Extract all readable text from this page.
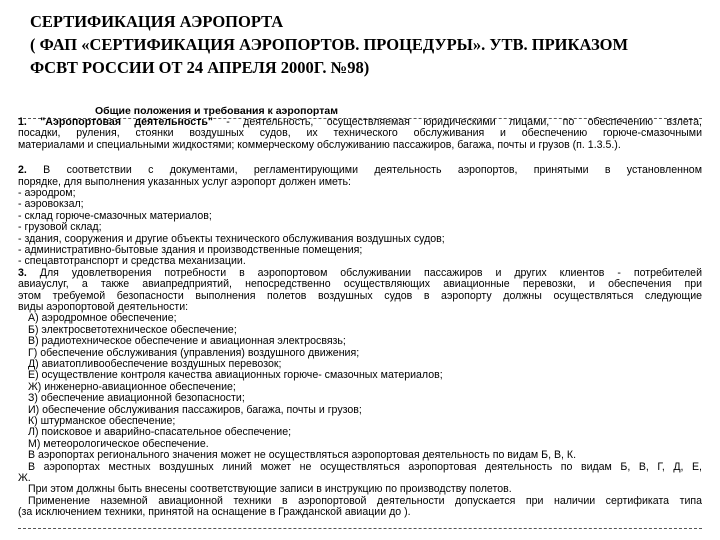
СЕРТИФИКАЦИЯ АЭРОПОРТА
( ФАП «СЕРТИФИКАЦИЯ АЭРОПОРТОВ. ПРОЦЕДУРЫ». УТВ. ПРИКАЗОМ
ФСВТ РОССИИ ОТ 24 АПРЕЛЯ 2000Г. №98)
Общие положения и требования к аэропортам
1. "Аэропортовая деятельность" - деятельность, осуществляемая юридическими лицами, по обеспечению взлета,
посадки, руления, стоянки воздушных судов, их технического обслуживания и обеспечению горюче-смазочными
материалами и специальными жидкостями; коммерческому обслуживанию пассажиров, багажа, почты и грузов (п. 1.3.5.).
2. В соответствии с документами, регламентирующими деятельность аэропортов, принятыми в установленном
порядке, для выполнения указанных услуг аэропорт должен иметь:
- аэродром;
- аэровокзал;
- склад горюче-смазочных материалов;
- грузовой склад;
- здания, сооружения и другие объекты технического обслуживания воздушных судов;
- административно-бытовые здания и производственные помещения;
- спецавтотранспорт и средства механизации.
3. Для удовлетворения потребности в аэропортовом обслуживании пассажиров и других клиентов - потребителей
авиауслуг, а также авиапредприятий, непосредственно осуществляющих авиационные перевозки, и обеспечения при
этом требуемой безопасности выполнения полетов воздушных судов в аэропорту должны осуществляться следующие
виды аэропортовой деятельности:
А) аэродромное обеспечение;
Б) электросветотехническое обеспечение;
В) радиотехническое обеспечение и авиационная электросвязь;
Г) обеспечение обслуживания (управления) воздушного движения;
Д) авиатопливообеспечение воздушных перевозок;
Е) осуществление контроля качества авиационных горюче- смазочных материалов;
Ж) инженерно-авиационное обеспечение;
З) обеспечение авиационной безопасности;
И) обеспечение обслуживания пассажиров, багажа, почты и грузов;
К) штурманское обеспечение;
Л) поисковое и аварийно-спасательное обеспечение;
М) метеорологическое обеспечение.
В аэропортах регионального значения может не осуществляться аэропортовая деятельность по видам Б, В, К.
В аэропортах местных воздушных линий может не осуществляться аэропортовая деятельность по видам Б, В, Г, Д, Е,
Ж.
При этом должны быть внесены соответствующие записи в инструкцию по производству полетов.
Применение наземной авиационной техники в аэропортовой деятельности допускается при наличии сертификата типа
(за исключением техники, принятой на оснащение в Гражданской авиации до ).
